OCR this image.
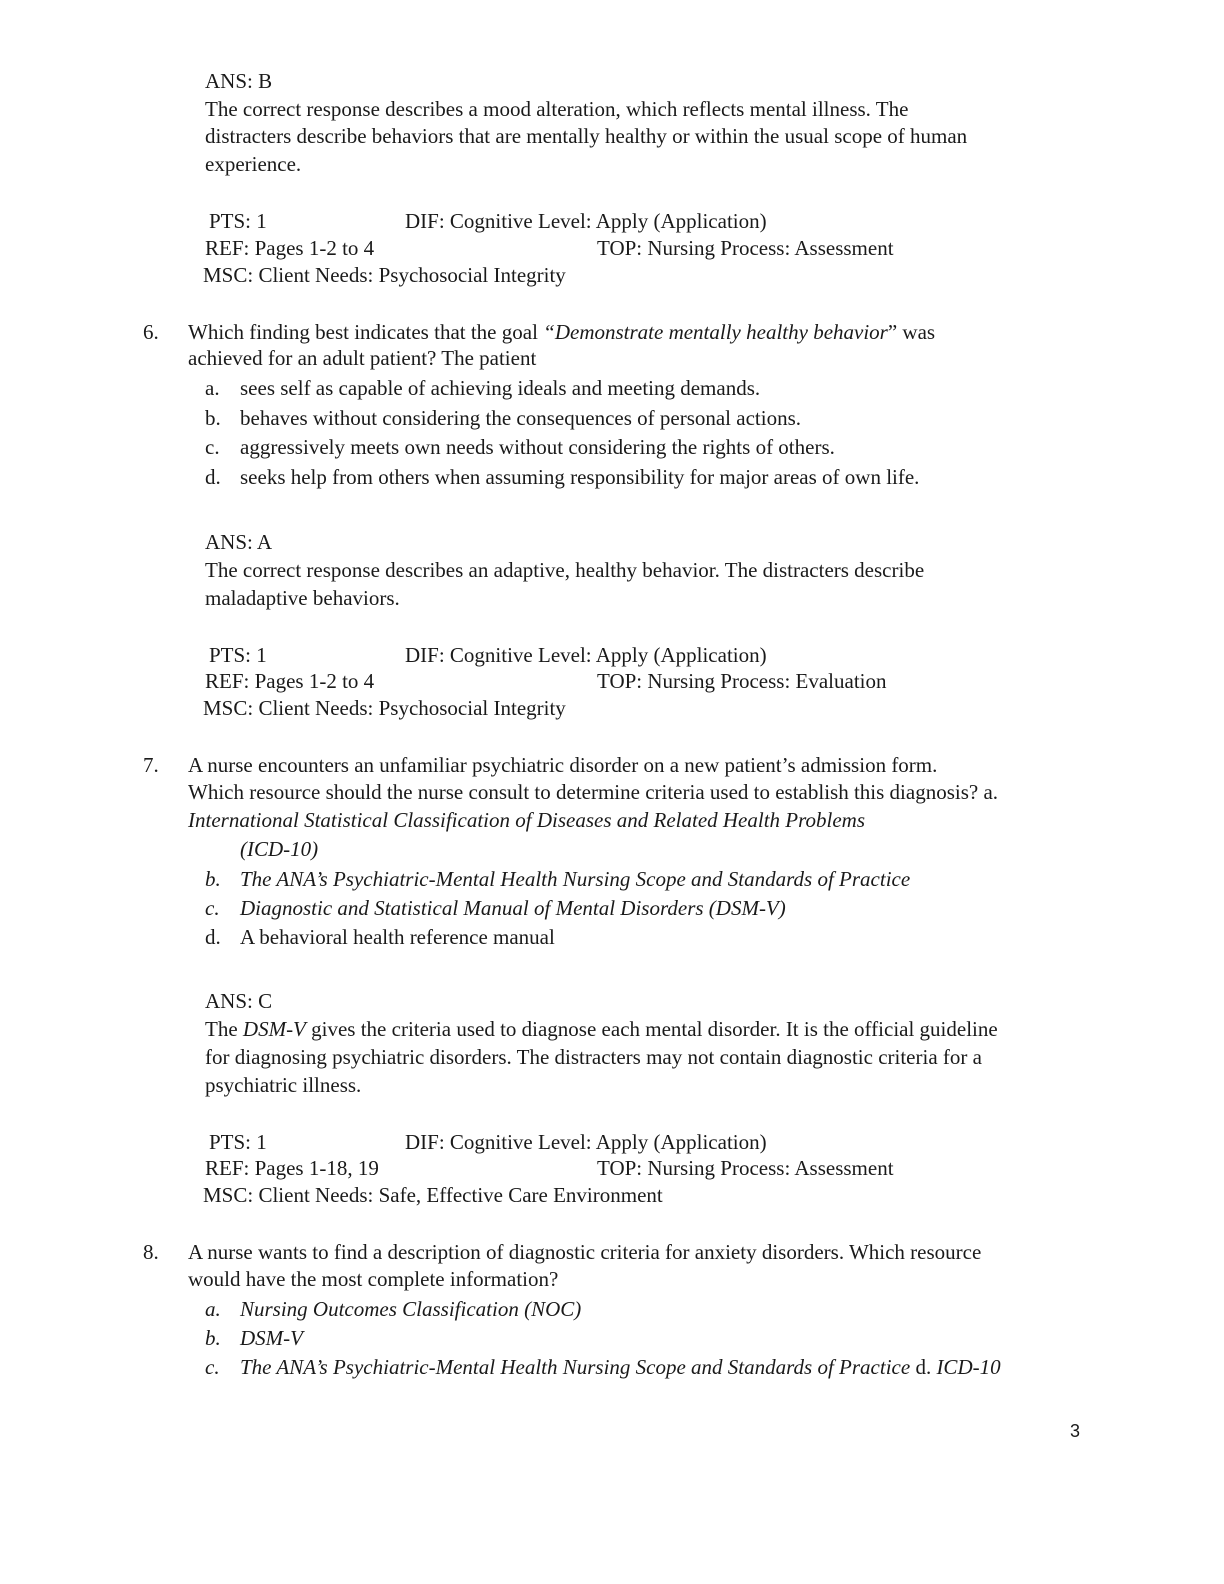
ANS: B
The correct response describes a mood alteration, which reflects mental illness. The
distracters describe behaviors that are mentally healthy or within the usual scope of human
experience.
PTS: 1	DIF: Cognitive Level: Apply (Application)
REF: Pages 1-2 to 4	TOP: Nursing Process: Assessment
MSC: Client Needs: Psychosocial Integrity
6. Which finding best indicates that the goal “Demonstrate mentally healthy behavior” was
achieved for an adult patient? The patient
a. sees self as capable of achieving ideals and meeting demands.
b. behaves without considering the consequences of personal actions.
c. aggressively meets own needs without considering the rights of others.
d. seeks help from others when assuming responsibility for major areas of own life.
ANS: A
The correct response describes an adaptive, healthy behavior. The distracters describe
maladaptive behaviors.
PTS: 1	DIF: Cognitive Level: Apply (Application)
REF: Pages 1-2 to 4	TOP: Nursing Process: Evaluation
MSC: Client Needs: Psychosocial Integrity
7. A nurse encounters an unfamiliar psychiatric disorder on a new patient’s admission form.
Which resource should the nurse consult to determine criteria used to establish this diagnosis? a.
International Statistical Classification of Diseases and Related Health Problems
(ICD-10)
b. The ANA’s Psychiatric-Mental Health Nursing Scope and Standards of Practice
c. Diagnostic and Statistical Manual of Mental Disorders (DSM-V)
d. A behavioral health reference manual
ANS: C
The DSM-V gives the criteria used to diagnose each mental disorder. It is the official guideline
for diagnosing psychiatric disorders. The distracters may not contain diagnostic criteria for a
psychiatric illness.
PTS: 1	DIF: Cognitive Level: Apply (Application)
REF: Pages 1-18, 19	TOP: Nursing Process: Assessment
MSC: Client Needs: Safe, Effective Care Environment
8. A nurse wants to find a description of diagnostic criteria for anxiety disorders. Which resource
would have the most complete information?
a. Nursing Outcomes Classification (NOC)
b. DSM-V
c. The ANA’s Psychiatric-Mental Health Nursing Scope and Standards of Practice d. ICD-10
3
